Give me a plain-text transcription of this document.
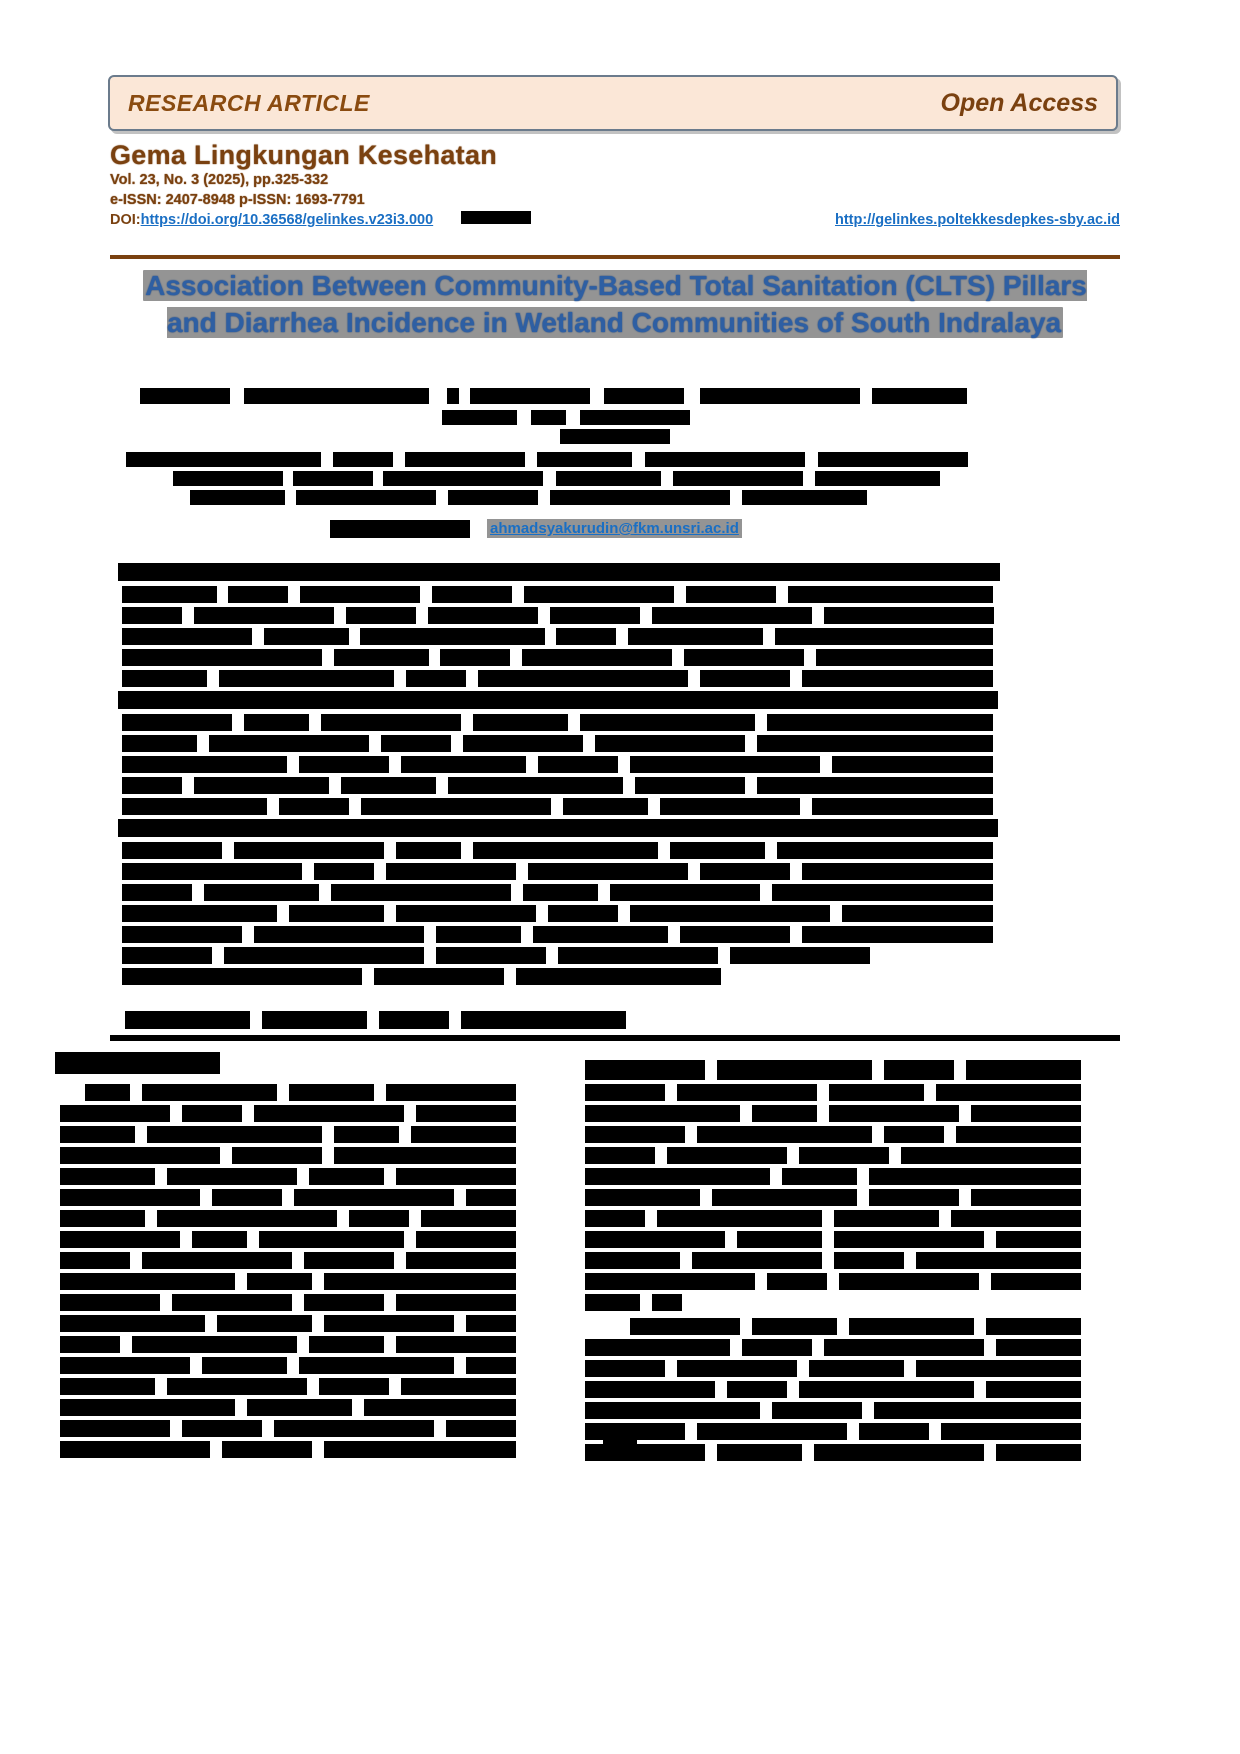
RESEARCH ARTICLE	Open Access
Gema Lingkungan Kesehatan
Vol. 23, No. 3 (2025), pp.325-332
e-ISSN: 2407-8948 p-ISSN: 1693-7791
DOI: https://doi.org/10.36568/gelinkes.v23i3.000	http://gelinkes.poltekkesdepkes-sby.ac.id
Association Between Community-Based Total Sanitation (CLTS) Pillars and Diarrhea Incidence in Wetland Communities of South Indralaya
ahmadsyakurudin@fkm.unsri.ac.id
